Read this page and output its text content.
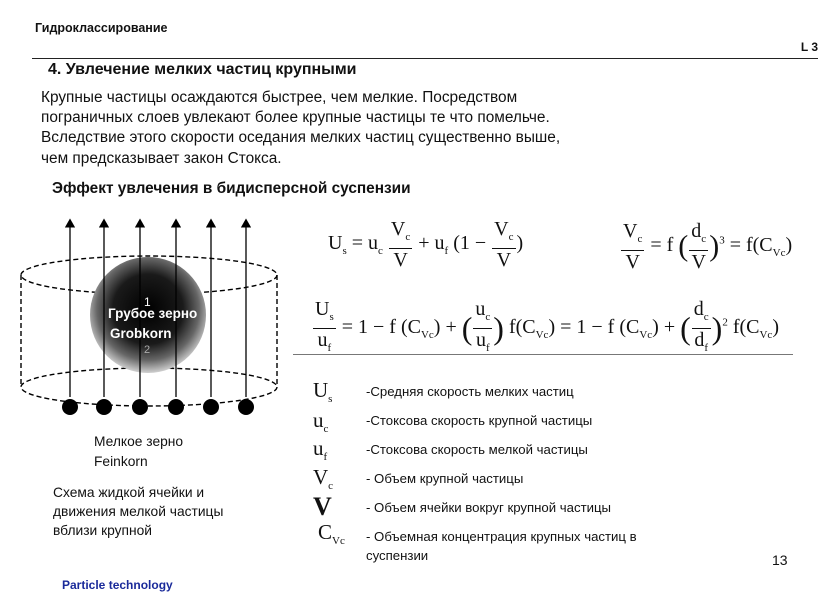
Гидроклассирование
L 3
4. Увлечение мелких частиц крупными
Крупные частицы осаждаются быстрее, чем мелкие. Посредством
пограничных слоев увлекают более крупные частицы те что помельче.
Вследствие этого скорости оседания мелких частиц существенно выше,
чем предсказывает закон Стокса.
Эффект увлечения в бидисперсной суспензии
Грубое зерно
Grobkorn
1
2
Мелкое зерно
Feinkorn
Схема жидкой ячейки и
движения мелкой частицы
вблизи крупной
$U_s = u_c \frac{V_c}{V} + u_f$ ($1 - \frac{V_c}{V}$ )	$\frac{V_c}{V} = f$ ( $\frac{d_c}{V} )^3 = f(C_{Vc})$
$\frac{U_s}{u_f} = 1 - f$ $(C_{Vc})$ + ( $\frac{u_c}{u_f}$ ) $f(C_{Vc}) = 1 - f$ $(C_{Vc})$ + ( $\frac{d_c}{d_f} )^2$ $f(C_{Vc})$
$U_s$
$u_c$
$u_f$
$V_c$
V
$C_{Vc}$
-Средняя скорость мелких частиц
-Стоксова скорость крупной частицы
-Стоксова скорость мелкой частицы
- Объем крупной частицы
- Объем ячейки вокруг крупной частицы
- Объемная концентрация крупных частиц в
суспензии	13
Particle technology
